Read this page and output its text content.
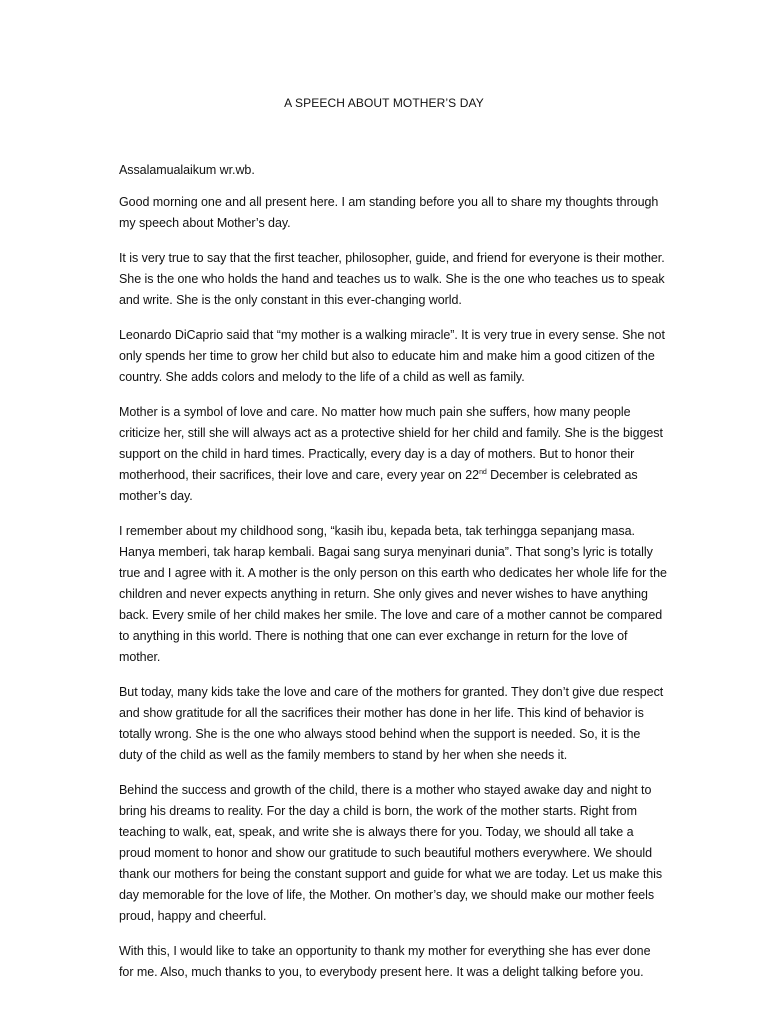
A SPEECH ABOUT MOTHER’S DAY

Assalamualaikum wr.wb.

Good morning one and all present here. I am standing before you all to share my thoughts through my speech about Mother’s day.

It is very true to say that the first teacher, philosopher, guide, and friend for everyone is their mother. She is the one who holds the hand and teaches us to walk. She is the one who teaches us to speak and write. She is the only constant in this ever-changing world.

Leonardo DiCaprio said that “my mother is a walking miracle”. It is very true in every sense. She not only spends her time to grow her child but also to educate him and make him a good citizen of the country. She adds colors and melody to the life of a child as well as family.

Mother is a symbol of love and care. No matter how much pain she suffers, how many people criticize her, still she will always act as a protective shield for her child and family. She is the biggest support on the child in hard times. Practically, every day is a day of mothers. But to honor their motherhood, their sacrifices, their love and care, every year on 22nd December is celebrated as mother’s day.

I remember about my childhood song, “kasih ibu, kepada beta, tak terhingga sepanjang masa. Hanya memberi, tak harap kembali. Bagai sang surya menyinari dunia”. That song’s lyric is totally true and I agree with it. A mother is the only person on this earth who dedicates her whole life for the children and never expects anything in return. She only gives and never wishes to have anything back. Every smile of her child makes her smile. The love and care of a mother cannot be compared to anything in this world. There is nothing that one can ever exchange in return for the love of mother.

But today, many kids take the love and care of the mothers for granted. They don’t give due respect and show gratitude for all the sacrifices their mother has done in her life. This kind of behavior is totally wrong. She is the one who always stood behind when the support is needed. So, it is the duty of the child as well as the family members to stand by her when she needs it.

Behind the success and growth of the child, there is a mother who stayed awake day and night to bring his dreams to reality. For the day a child is born, the work of the mother starts. Right from teaching to walk, eat, speak, and write she is always there for you. Today, we should all take a proud moment to honor and show our gratitude to such beautiful mothers everywhere. We should thank our mothers for being the constant support and guide for what we are today. Let us make this day memorable for the love of life, the Mother. On mother’s day, we should make our mother feels proud, happy and cheerful.

With this, I would like to take an opportunity to thank my mother for everything she has ever done for me. Also, much thanks to you, to everybody present here. It was a delight talking before you.
